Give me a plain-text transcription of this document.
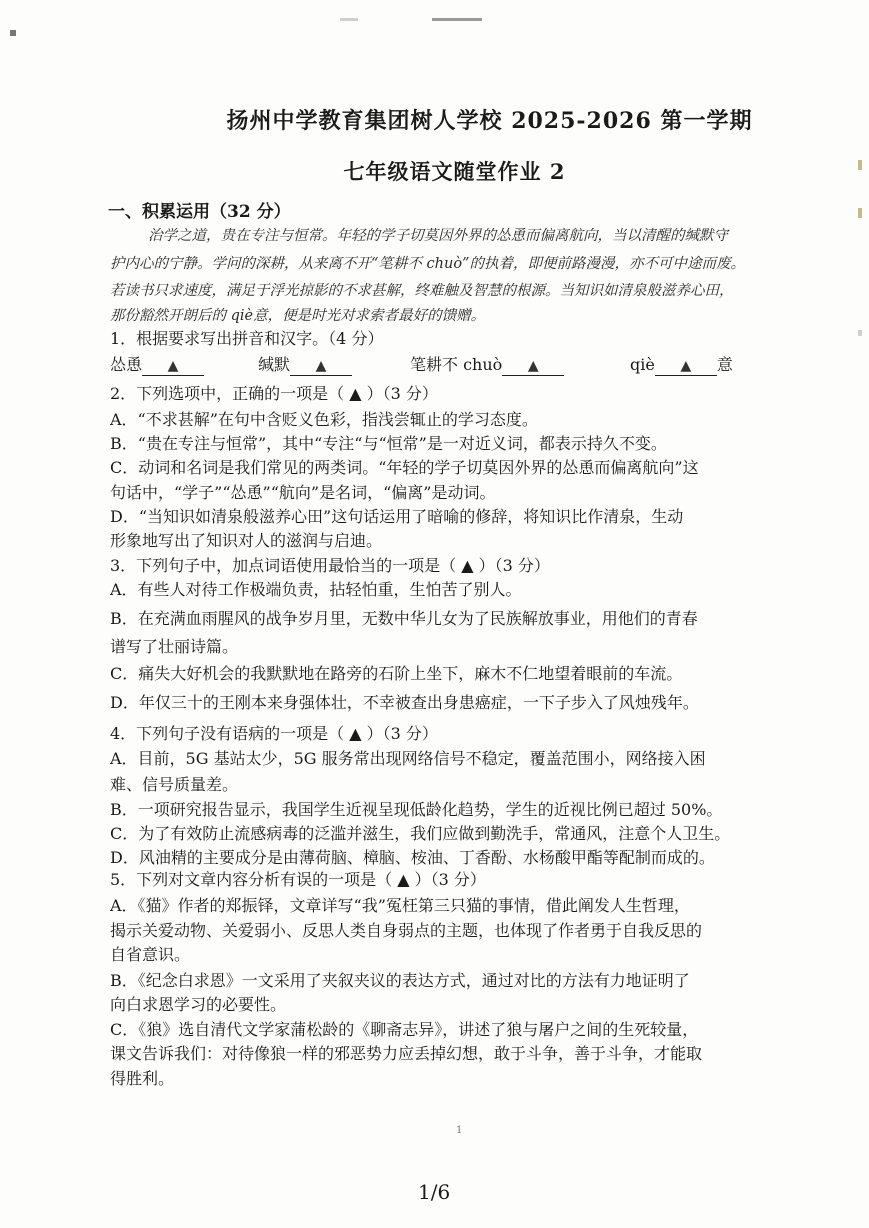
扬州中学教育集团树人学校 2025-2026 第一学期
七年级语文随堂作业 2
一、积累运用（32 分）
治学之道，贵在专注与恒常。年轻的学子切莫因外界的怂恿而偏离航向，当以清醒的缄默守
护内心的宁静。学问的深耕，从来离不开“笔耕不 chuò”的执着，即便前路漫漫，亦不可中途而废。
若读书只求速度，满足于浮光掠影的不求甚解，终难触及智慧的根源。当知识如清泉般滋养心田，
那份豁然开朗后的 qiè意，便是时光对求索者最好的馈赠。
1．根据要求写出拼音和汉字。（4 分）
怂恿 ▲	缄默 ▲	笔耕不 chuò ▲	qiè ▲ 意
2．下列选项中，正确的一项是（ ▲ ）（3 分）
A．“不求甚解”在句中含贬义色彩，指浅尝辄止的学习态度。
B．“贵在专注与恒常”，其中“专注“与“恒常”是一对近义词，都表示持久不变。
C．动词和名词是我们常见的两类词。“年轻的学子切莫因外界的怂恿而偏离航向”这
句话中，“学子”“怂恿”“航向”是名词，“偏离”是动词。
D．“当知识如清泉般滋养心田”这句话运用了暗喻的修辞，将知识比作清泉，生动
形象地写出了知识对人的滋润与启迪。
3．下列句子中，加点词语使用最恰当的一项是（ ▲ ）（3 分）
A．有些人对待工作极端负责，拈轻怕重，生怕苦了别人。
B．在充满血雨腥风的战争岁月里，无数中华儿女为了民族解放事业，用他们的青春
谱写了壮丽诗篇。
C．痛失大好机会的我默默地在路旁的石阶上坐下，麻木不仁地望着眼前的车流。
D．年仅三十的王刚本来身强体壮，不幸被查出身患癌症，一下子步入了风烛残年。
4．下列句子没有语病的一项是（ ▲ ）（3 分）
A．目前，5G 基站太少，5G 服务常出现网络信号不稳定，覆盖范围小，网络接入困
难、信号质量差。
B．一项研究报告显示，我国学生近视呈现低龄化趋势，学生的近视比例已超过 50%。
C．为了有效防止流感病毒的泛滥并滋生，我们应做到勤洗手，常通风，注意个人卫生。
D．风油精的主要成分是由薄荷脑、樟脑、桉油、丁香酚、水杨酸甲酯等配制而成的。
5．下列对文章内容分析有误的一项是（ ▲ ）（3 分）
A．《猫》作者的郑振铎，文章详写“我”冤枉第三只猫的事情，借此阐发人生哲理，
揭示关爱动物、关爱弱小、反思人类自身弱点的主题，也体现了作者勇于自我反思的
自省意识。
B．《纪念白求恩》一文采用了夹叙夹议的表达方式，通过对比的方法有力地证明了
向白求恩学习的必要性。
C．《狼》选自清代文学家蒲松龄的《聊斋志异》，讲述了狼与屠户之间的生死较量，
课文告诉我们：对待像狼一样的邪恶势力应丢掉幻想，敢于斗争，善于斗争，才能取
得胜利。
1
1/6
